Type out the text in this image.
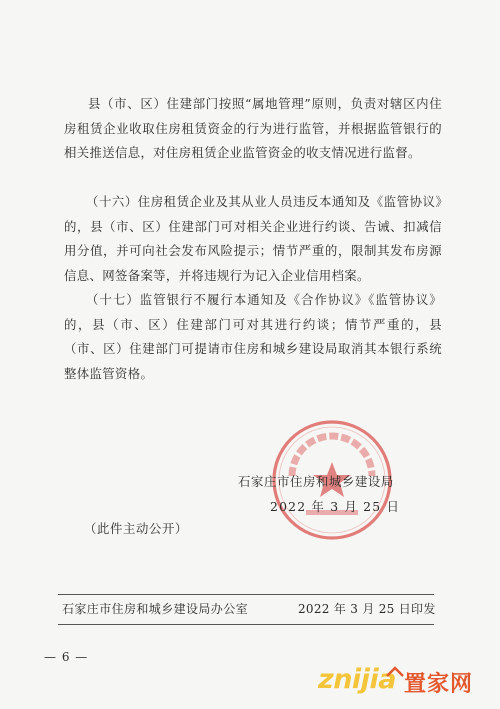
县（市、区）住建部门按照“属地管理”原则，负责对辖区内住房租赁企业收取住房租赁资金的行为进行监管，并根据监管银行的相关推送信息，对住房租赁企业监管资金的收支情况进行监督。

（十六）住房租赁企业及其从业人员违反本通知及《监管协议》的，县（市、区）住建部门可对相关企业进行约谈、告诫、扣减信用分值，并可向社会发布风险提示；情节严重的，限制其发布房源信息、网签备案等，并将违规行为记入企业信用档案。

（十七）监管银行不履行本通知及《合作协议》《监管协议》的，县（市、区）住建部门可对其进行约谈；情节严重的，县（市、区）住建部门可提请市住房和城乡建设局取消其本银行系统整体监管资格。

石家庄市住房和城乡建设局
2022 年 3 月 25 日
（此件主动公开）
石家庄市住房和城乡建设局办公室	2022 年 3 月 25 日印发
— 6 —
znijia 置家网
